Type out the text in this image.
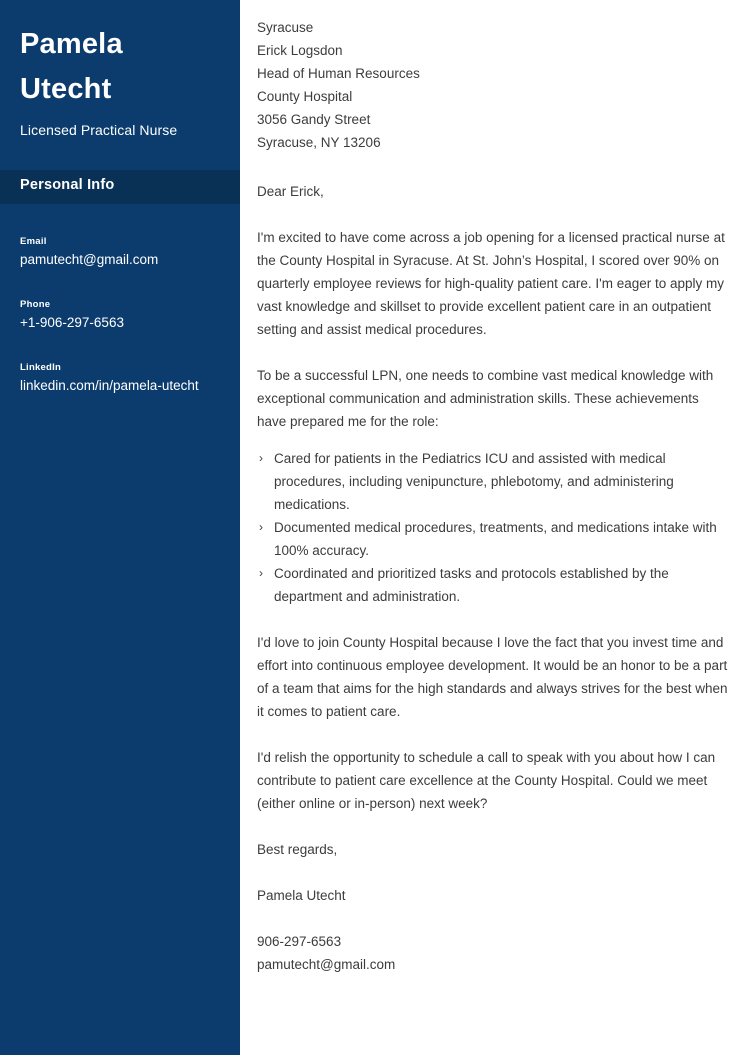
Pamela
Utecht
Licensed Practical Nurse
Personal Info
Email
pamutecht@gmail.com
Phone
+1-906-297-6563
LinkedIn
linkedin.com/in/pamela-utecht
Syracuse
Erick Logsdon
Head of Human Resources
County Hospital
3056 Gandy Street
Syracuse, NY 13206
Dear Erick,

I'm excited to have come across a job opening for a licensed practical nurse at the County Hospital in Syracuse. At St. John’s Hospital, I scored over 90% on quarterly employee reviews for high-quality patient care. I'm eager to apply my vast knowledge and skillset to provide excellent patient care in an outpatient setting and assist medical procedures.

To be a successful LPN, one needs to combine vast medical knowledge with exceptional communication and administration skills. These achievements have prepared me for the role:

› Cared for patients in the Pediatrics ICU and assisted with medical procedures, including venipuncture, phlebotomy, and administering medications.
› Documented medical procedures, treatments, and medications intake with 100% accuracy.
› Coordinated and prioritized tasks and protocols established by the department and administration.

I'd love to join County Hospital because I love the fact that you invest time and effort into continuous employee development. It would be an honor to be a part of a team that aims for the high standards and always strives for the best when it comes to patient care.

I'd relish the opportunity to schedule a call to speak with you about how I can contribute to patient care excellence at the County Hospital. Could we meet (either online or in-person) next week?

Best regards,
Pamela Utecht
906-297-6563
pamutecht@gmail.com
